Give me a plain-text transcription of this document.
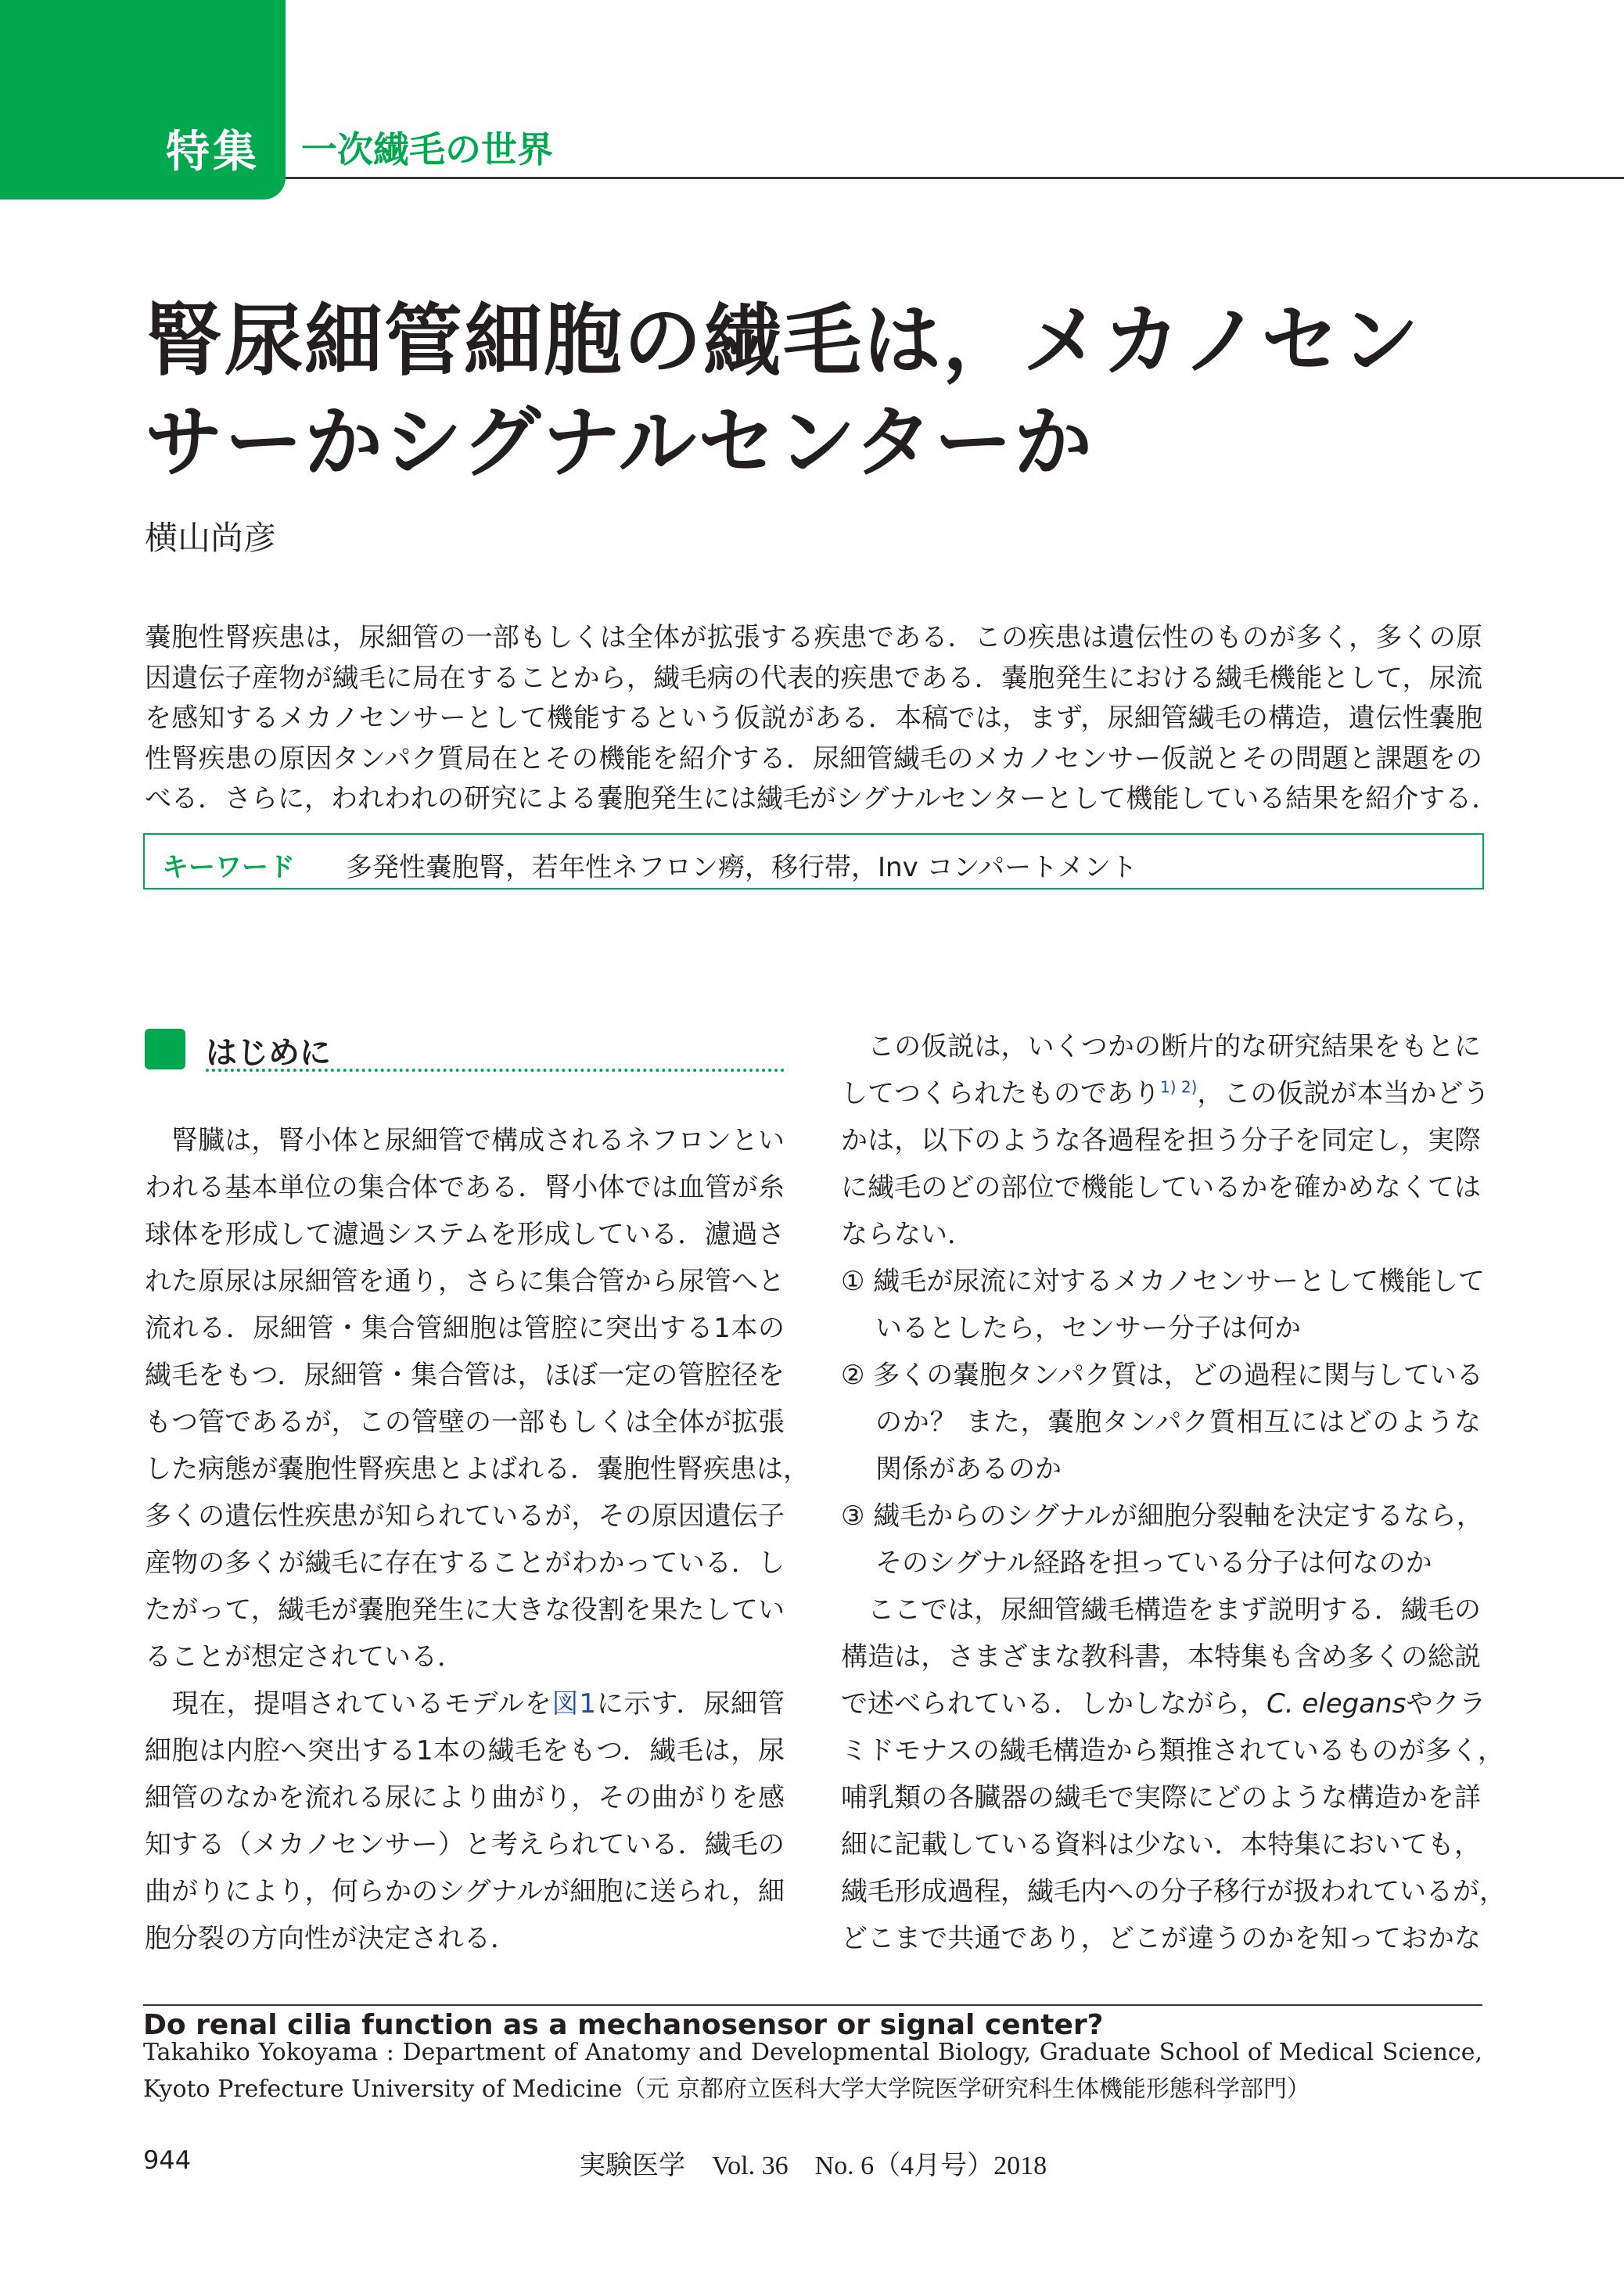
特集 一次繊毛の世界
腎尿細管細胞の繊毛は，メカノセン
サーかシグナルセンターか
横山尚彦
嚢胞性腎疾患は，尿細管の一部もしくは全体が拡張する疾患である．この疾患は遺伝性のものが多く，多くの原
因遺伝子産物が繊毛に局在することから，繊毛病の代表的疾患である．嚢胞発生における繊毛機能として，尿流
を感知するメカノセンサーとして機能するという仮説がある．本稿では，まず，尿細管繊毛の構造，遺伝性嚢胞
性腎疾患の原因タンパク質局在とその機能を紹介する．尿細管繊毛のメカノセンサー仮説とその問題と課題をの
べる．さらに，われわれの研究による嚢胞発生には繊毛がシグナルセンターとして機能している結果を紹介する．
キーワード 多発性嚢胞腎，若年性ネフロン癆，移行帯，Inv コンパートメント
はじめに
　腎臓は，腎小体と尿細管で構成されるネフロンとい
われる基本単位の集合体である．腎小体では血管が糸
球体を形成して濾過システムを形成している．濾過さ
れた原尿は尿細管を通り，さらに集合管から尿管へと
流れる．尿細管・集合管細胞は管腔に突出する1本の
繊毛をもつ．尿細管・集合管は，ほぼ一定の管腔径を
もつ管であるが，この管壁の一部もしくは全体が拡張
した病態が嚢胞性腎疾患とよばれる．嚢胞性腎疾患は，
多くの遺伝性疾患が知られているが，その原因遺伝子
産物の多くが繊毛に存在することがわかっている．し
たがって，繊毛が嚢胞発生に大きな役割を果たしてい
ることが想定されている．
　現在，提唱されているモデルを図1に示す．尿細管
細胞は内腔へ突出する1本の繊毛をもつ．繊毛は，尿
細管のなかを流れる尿により曲がり，その曲がりを感
知する（メカノセンサー）と考えられている．繊毛の
曲がりにより，何らかのシグナルが細胞に送られ，細
胞分裂の方向性が決定される．
　この仮説は，いくつかの断片的な研究結果をもとに
してつくられたものであり$^{1) 2)}$，この仮説が本当かどう
かは，以下のような各過程を担う分子を同定し，実際
に繊毛のどの部位で機能しているかを確かめなくては
ならない．
① 繊毛が尿流に対するメカノセンサーとして機能して
いるとしたら，センサー分子は何か
② 多くの嚢胞タンパク質は，どの過程に関与している
のか？ また，嚢胞タンパク質相互にはどのような
関係があるのか
③ 繊毛からのシグナルが細胞分裂軸を決定するなら，
そのシグナル経路を担っている分子は何なのか
　ここでは，尿細管繊毛構造をまず説明する．繊毛の
構造は，さまざまな教科書，本特集も含め多くの総説
で述べられている．しかしながら，C. elegansやクラ
ミドモナスの繊毛構造から類推されているものが多く，
哺乳類の各臓器の繊毛で実際にどのような構造かを詳
細に記載している資料は少ない．本特集においても，
繊毛形成過程，繊毛内への分子移行が扱われているが，
どこまで共通であり，どこが違うのかを知っておかな
Do renal cilia function as a mechanosensor or signal center?
Takahiko Yokoyama : Department of Anatomy and Developmental Biology, Graduate School of Medical Science,
Kyoto Prefecture University of Medicine（元 京都府立医科大学大学院医学研究科生体機能形態科学部門）
944	実験医学　Vol. 36　No. 6（4月号）2018
